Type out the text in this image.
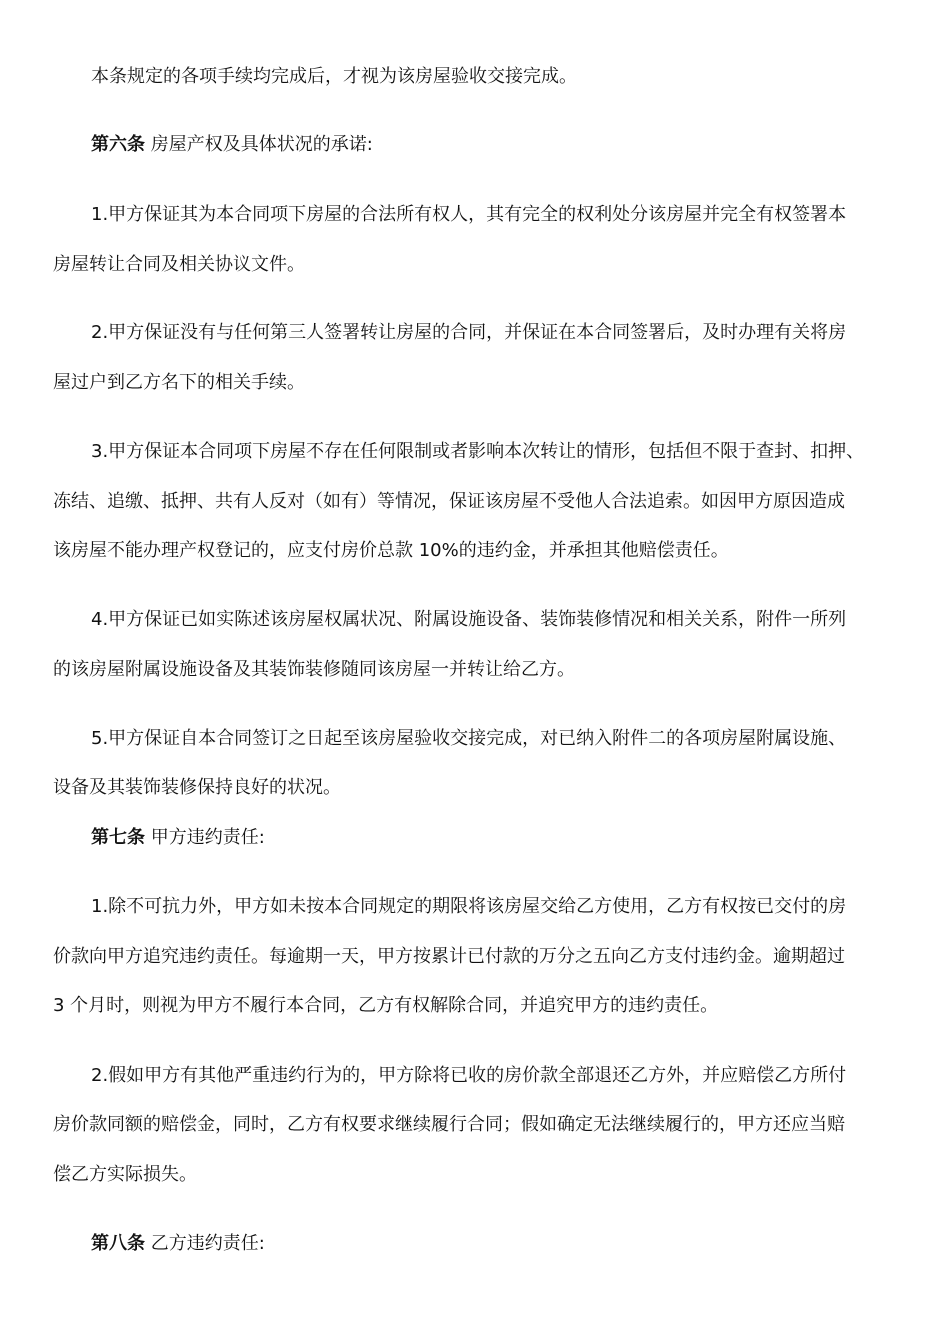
本条规定的各项手续均完成后，才视为该房屋验收交接完成。
第六条 房屋产权及具体状况的承诺:
1.甲方保证其为本合同项下房屋的合法所有权人，其有完全的权利处分该房屋并完全有权签署本
房屋转让合同及相关协议文件。
2.甲方保证没有与任何第三人签署转让房屋的合同，并保证在本合同签署后，及时办理有关将房
屋过户到乙方名下的相关手续。
3.甲方保证本合同项下房屋不存在任何限制或者影响本次转让的情形，包括但不限于查封、扣押、
冻结、追缴、抵押、共有人反对（如有）等情况，保证该房屋不受他人合法追索。如因甲方原因造成
该房屋不能办理产权登记的，应支付房价总款 10%的违约金，并承担其他赔偿责任。
4.甲方保证已如实陈述该房屋权属状况、附属设施设备、装饰装修情况和相关关系，附件一所列
的该房屋附属设施设备及其装饰装修随同该房屋一并转让给乙方。
5.甲方保证自本合同签订之日起至该房屋验收交接完成，对已纳入附件二的各项房屋附属设施、
设备及其装饰装修保持良好的状况。
第七条 甲方违约责任:
1.除不可抗力外，甲方如未按本合同规定的期限将该房屋交给乙方使用，乙方有权按已交付的房
价款向甲方追究违约责任。每逾期一天，甲方按累计已付款的万分之五向乙方支付违约金。逾期超过
3 个月时，则视为甲方不履行本合同，乙方有权解除合同，并追究甲方的违约责任。
2.假如甲方有其他严重违约行为的，甲方除将已收的房价款全部退还乙方外，并应赔偿乙方所付
房价款同额的赔偿金，同时，乙方有权要求继续履行合同；假如确定无法继续履行的，甲方还应当赔
偿乙方实际损失。
第八条 乙方违约责任:
